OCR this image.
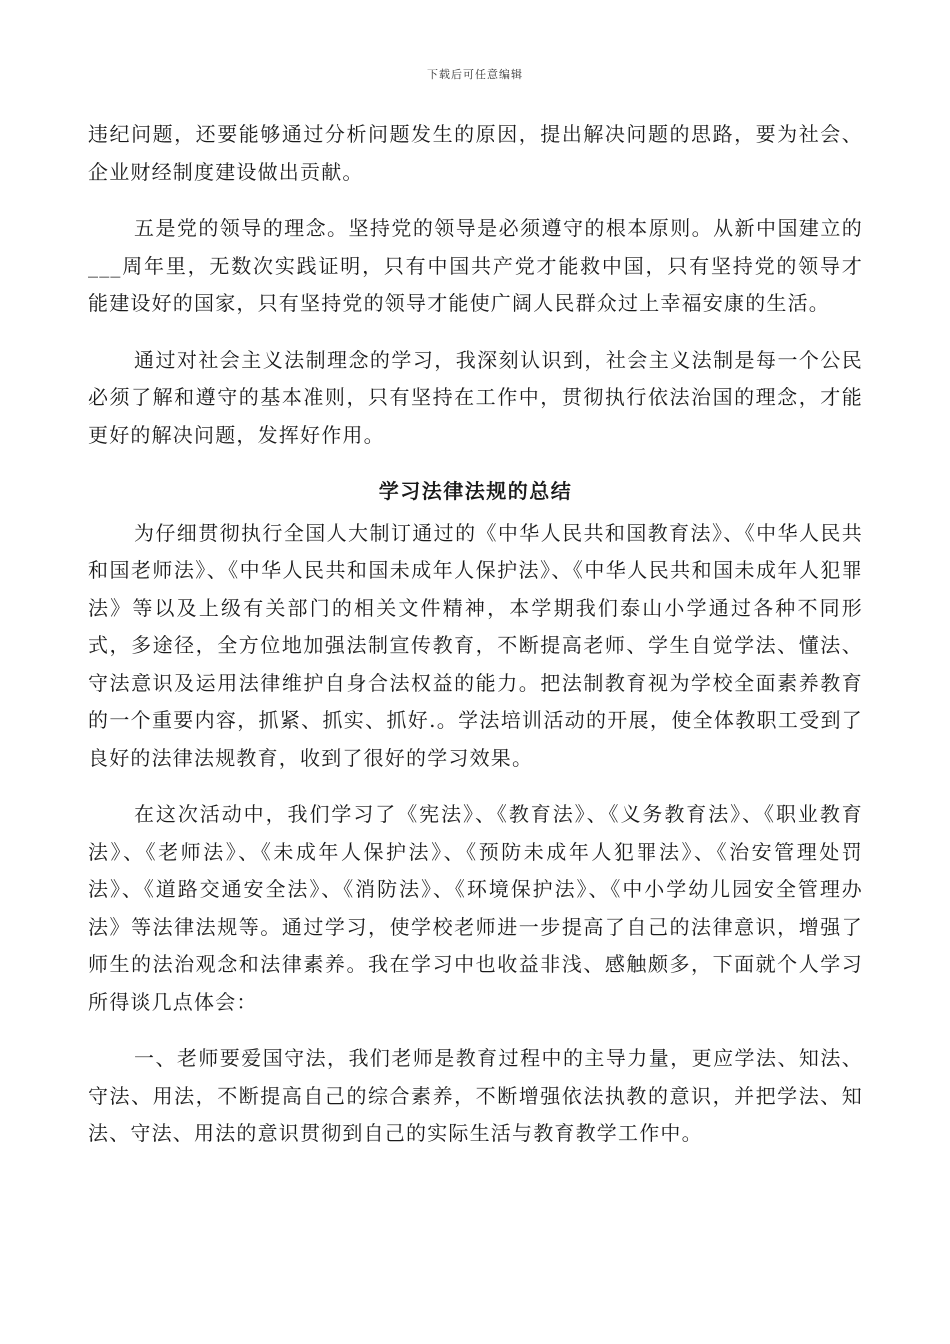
下载后可任意编辑

违纪问题，还要能够通过分析问题发生的原因，提出解决问题的思路，要为社会、企业财经制度建设做出贡献。

五是党的领导的理念。坚持党的领导是必须遵守的根本原则。从新中国建立的___周年里，无数次实践证明，只有中国共产党才能救中国，只有坚持党的领导才能建设好的国家，只有坚持党的领导才能使广阔人民群众过上幸福安康的生活。

通过对社会主义法制理念的学习，我深刻认识到，社会主义法制是每一个公民必须了解和遵守的基本准则，只有坚持在工作中，贯彻执行依法治国的理念，才能更好的解决问题，发挥好作用。

学习法律法规的总结

为仔细贯彻执行全国人大制订通过的《中华人民共和国教育法》、《中华人民共和国老师法》、《中华人民共和国未成年人保护法》、《中华人民共和国未成年人犯罪法》等以及上级有关部门的相关文件精神，本学期我们泰山小学通过各种不同形式，多途径，全方位地加强法制宣传教育，不断提高老师、学生自觉学法、懂法、守法意识及运用法律维护自身合法权益的能力。把法制教育视为学校全面素养教育的一个重要内容，抓紧、抓实、抓好.。学法培训活动的开展，使全体教职工受到了良好的法律法规教育，收到了很好的学习效果。

在这次活动中，我们学习了《宪法》、《教育法》、《义务教育法》、《职业教育法》、《老师法》、《未成年人保护法》、《预防未成年人犯罪法》、《治安管理处罚法》、《道路交通安全法》、《消防法》、《环境保护法》、《中小学幼儿园安全管理办法》等法律法规等。通过学习，使学校老师进一步提高了自己的法律意识，增强了师生的法治观念和法律素养。我在学习中也收益非浅、感触颇多，下面就个人学习所得谈几点体会：

一、老师要爱国守法，我们老师是教育过程中的主导力量，更应学法、知法、守法、用法，不断提高自己的综合素养，不断增强依法执教的意识，并把学法、知法、守法、用法的意识贯彻到自己的实际生活与教育教学工作中。
